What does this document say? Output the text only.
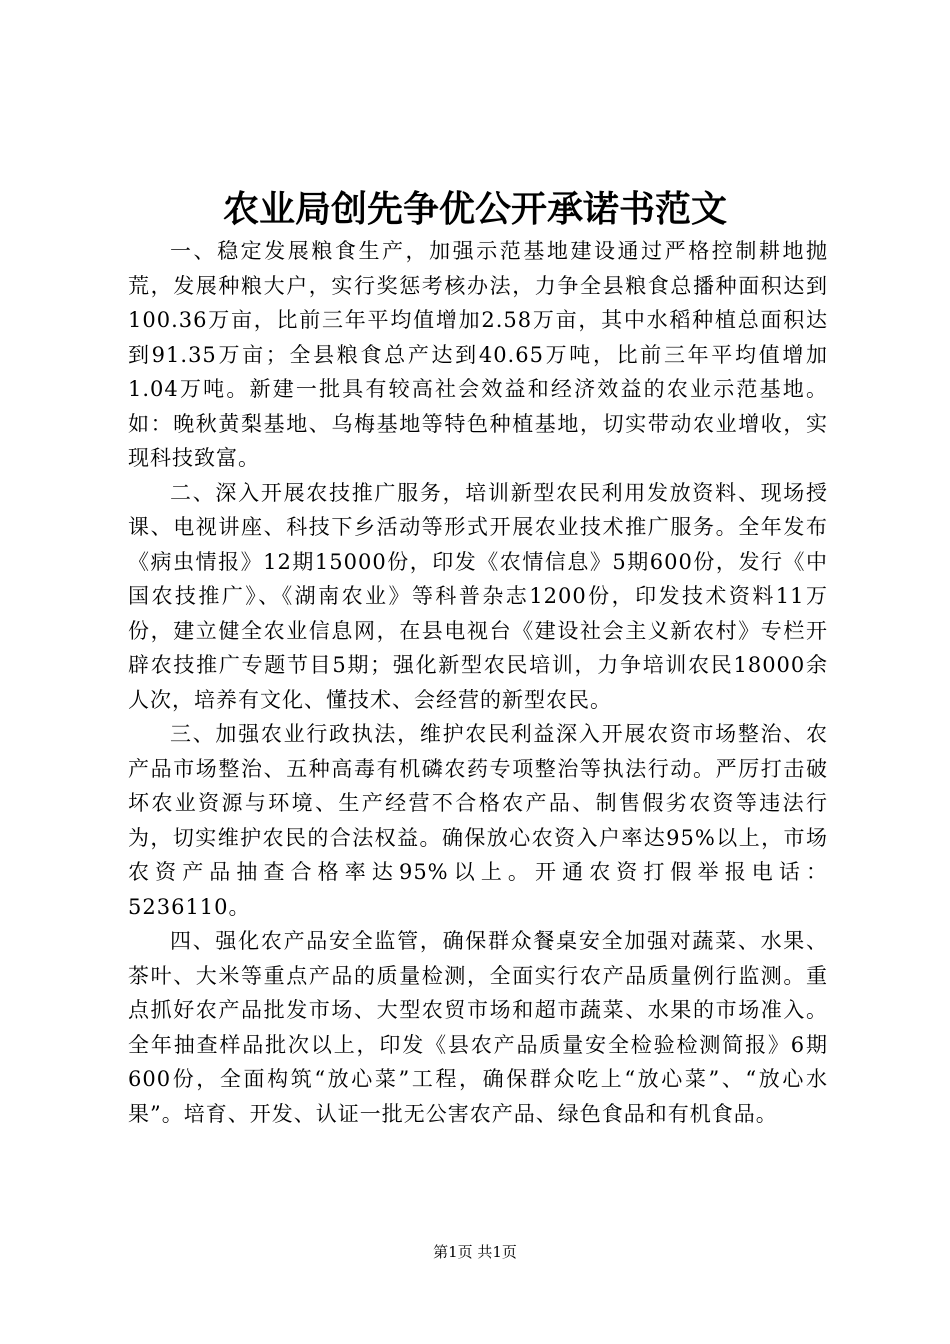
农业局创先争优公开承诺书范文

一、稳定发展粮食生产，加强示范基地建设通过严格控制耕地抛荒，发展种粮大户，实行奖惩考核办法，力争全县粮食总播种面积达到100.36万亩，比前三年平均值增加2.58万亩，其中水稻种植总面积达到91.35万亩；全县粮食总产达到40.65万吨，比前三年平均值增加1.04万吨。新建一批具有较高社会效益和经济效益的农业示范基地。如：晚秋黄梨基地、乌梅基地等特色种植基地，切实带动农业增收，实现科技致富。

二、深入开展农技推广服务，培训新型农民利用发放资料、现场授课、电视讲座、科技下乡活动等形式开展农业技术推广服务。全年发布《病虫情报》12期15000份，印发《农情信息》5期600份，发行《中国农技推广》、《湖南农业》等科普杂志1200份，印发技术资料11万份，建立健全农业信息网，在县电视台《建设社会主义新农村》专栏开辟农技推广专题节目5期；强化新型农民培训，力争培训农民18000余人次，培养有文化、懂技术、会经营的新型农民。

三、加强农业行政执法，维护农民利益深入开展农资市场整治、农产品市场整治、五种高毒有机磷农药专项整治等执法行动。严厉打击破坏农业资源与环境、生产经营不合格农产品、制售假劣农资等违法行为，切实维护农民的合法权益。确保放心农资入户率达95%以上，市场农资产品抽查合格率达95%以上。开通农资打假举报电话：5236110。

四、强化农产品安全监管，确保群众餐桌安全加强对蔬菜、水果、茶叶、大米等重点产品的质量检测，全面实行农产品质量例行监测。重点抓好农产品批发市场、大型农贸市场和超市蔬菜、水果的市场准入。全年抽查样品批次以上，印发《县农产品质量安全检验检测简报》6期600份，全面构筑“放心菜”工程，确保群众吃上“放心菜”、“放心水果”。培育、开发、认证一批无公害农产品、绿色食品和有机食品。

第1页 共1页
